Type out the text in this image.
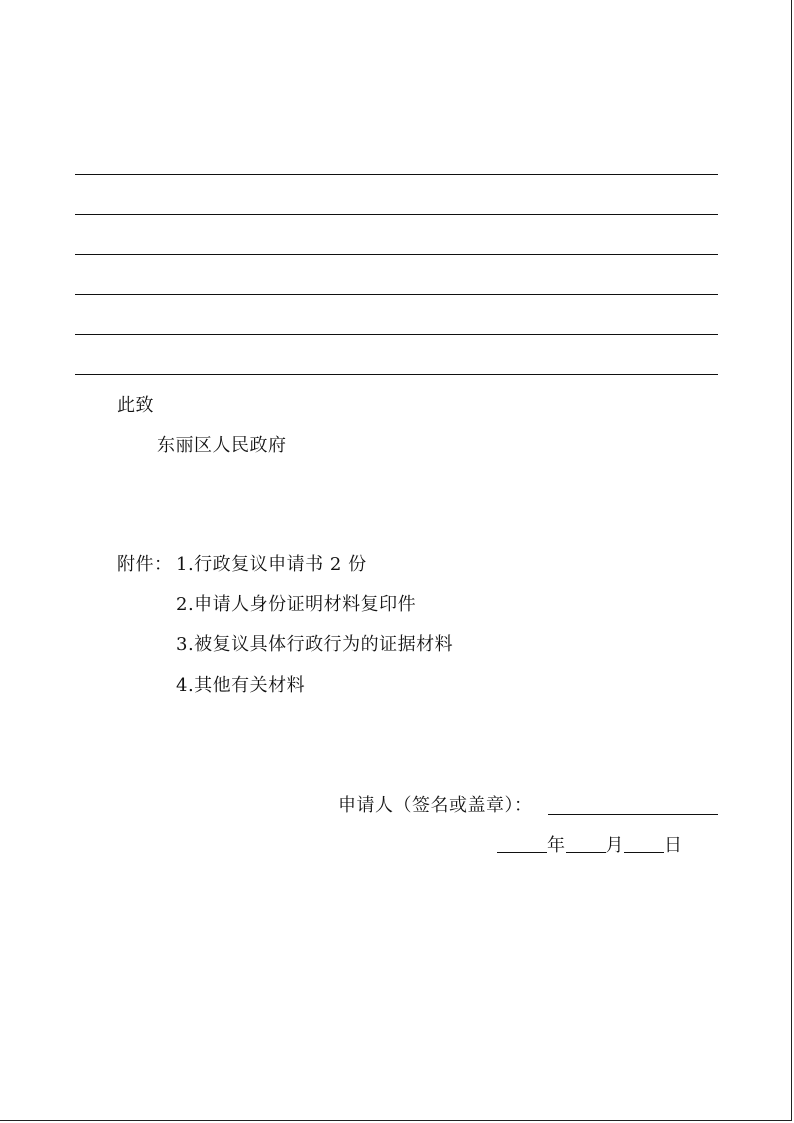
此致
东丽区人民政府
附件： 1.行政复议申请书 2 份
2.申请人身份证明材料复印件
3.被复议具体行政行为的证据材料
4.其他有关材料
申请人（签名或盖章）：
年 月 日
